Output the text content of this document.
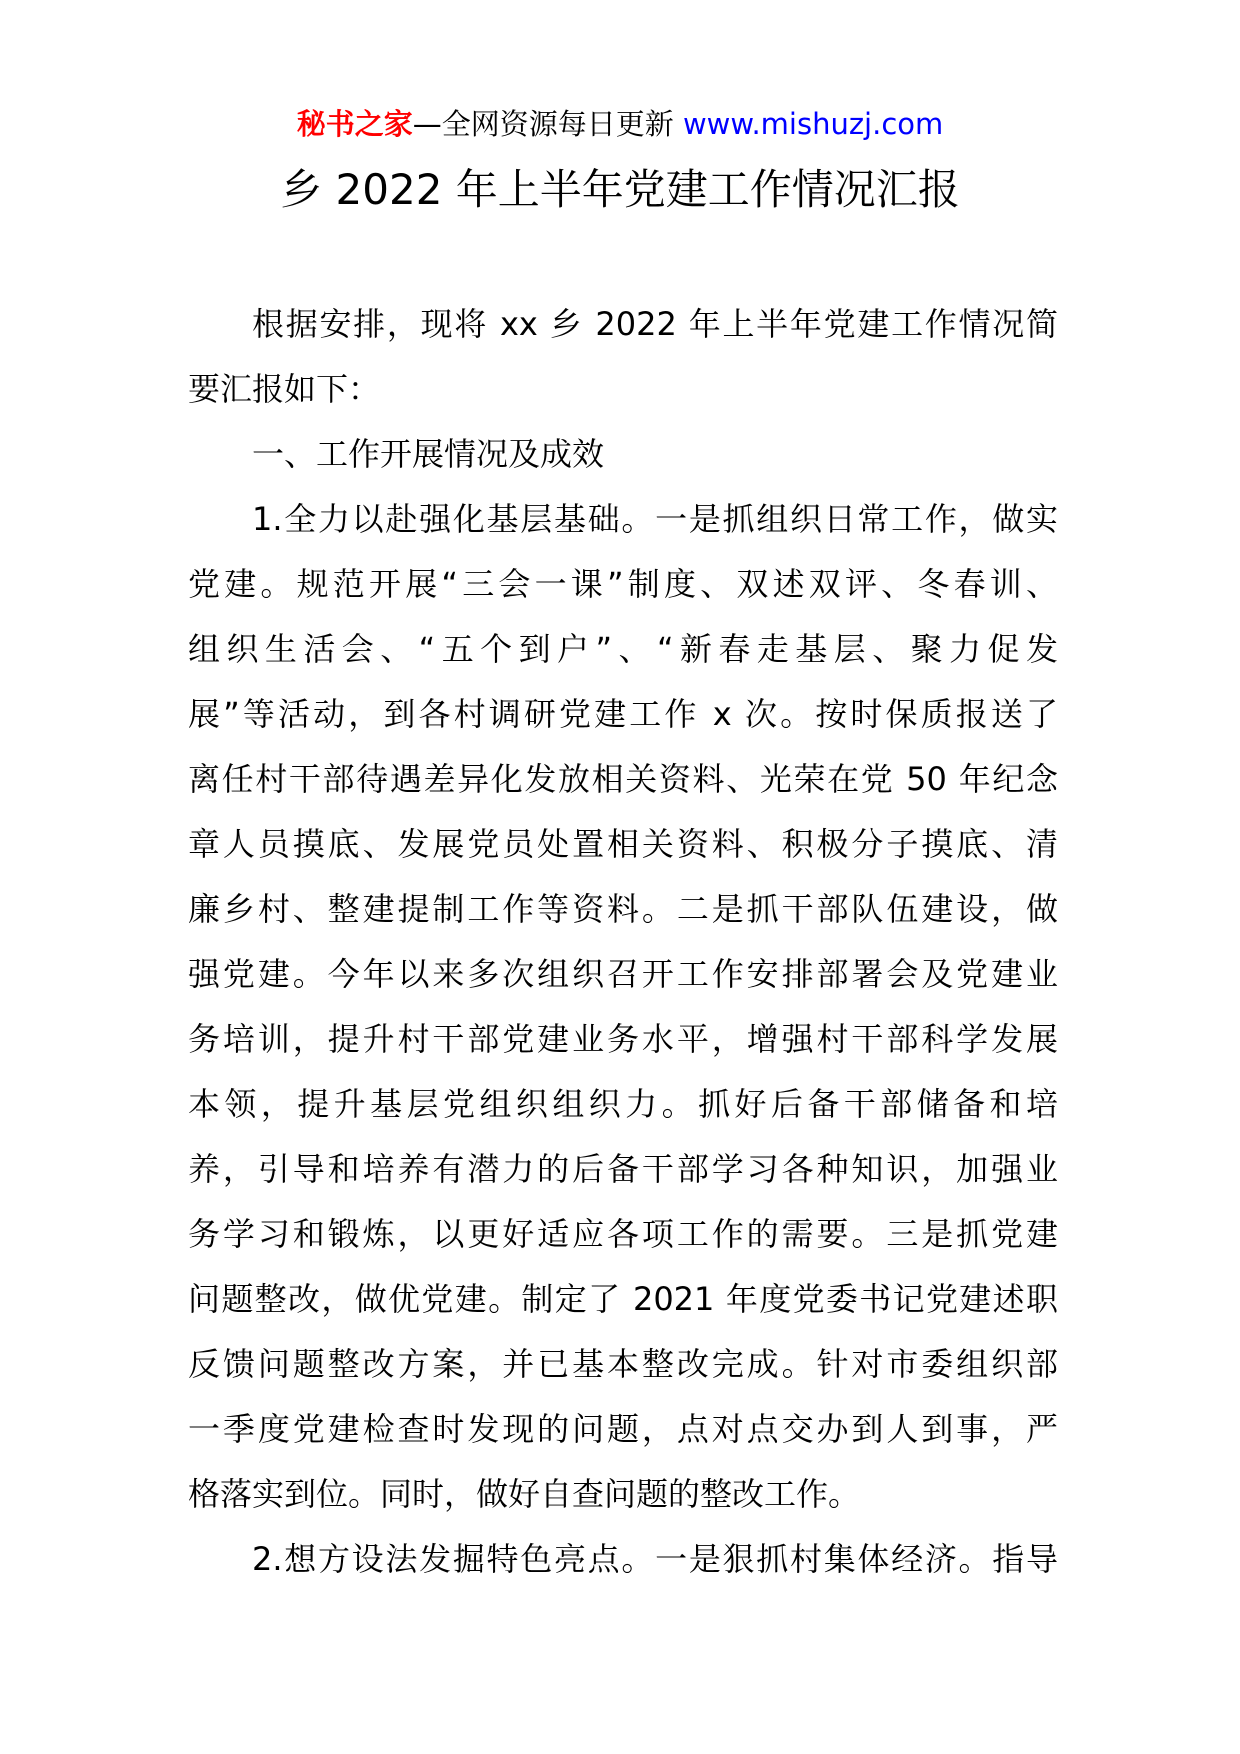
秘书之家—全网资源每日更新 www.mishuzj.com
乡 2022 年上半年党建工作情况汇报
根据安排，现将 xx 乡 2022 年上半年党建工作情况简
要汇报如下：
一、工作开展情况及成效
1.全力以赴强化基层基础。一是抓组织日常工作，做实
党建。规范开展“三会一课”制度、双述双评、冬春训、
组织生活会、“五个到户”、“新春走基层、聚力促发
展”等活动，到各村调研党建工作 x 次。按时保质报送了
离任村干部待遇差异化发放相关资料、光荣在党 50 年纪念
章人员摸底、发展党员处置相关资料、积极分子摸底、清
廉乡村、整建提制工作等资料。二是抓干部队伍建设，做
强党建。今年以来多次组织召开工作安排部署会及党建业
务培训，提升村干部党建业务水平，增强村干部科学发展
本领，提升基层党组织组织力。抓好后备干部储备和培
养，引导和培养有潜力的后备干部学习各种知识，加强业
务学习和锻炼，以更好适应各项工作的需要。三是抓党建
问题整改，做优党建。制定了 2021 年度党委书记党建述职
反馈问题整改方案，并已基本整改完成。针对市委组织部
一季度党建检查时发现的问题，点对点交办到人到事，严
格落实到位。同时，做好自查问题的整改工作。
2.想方设法发掘特色亮点。一是狠抓村集体经济。指导
